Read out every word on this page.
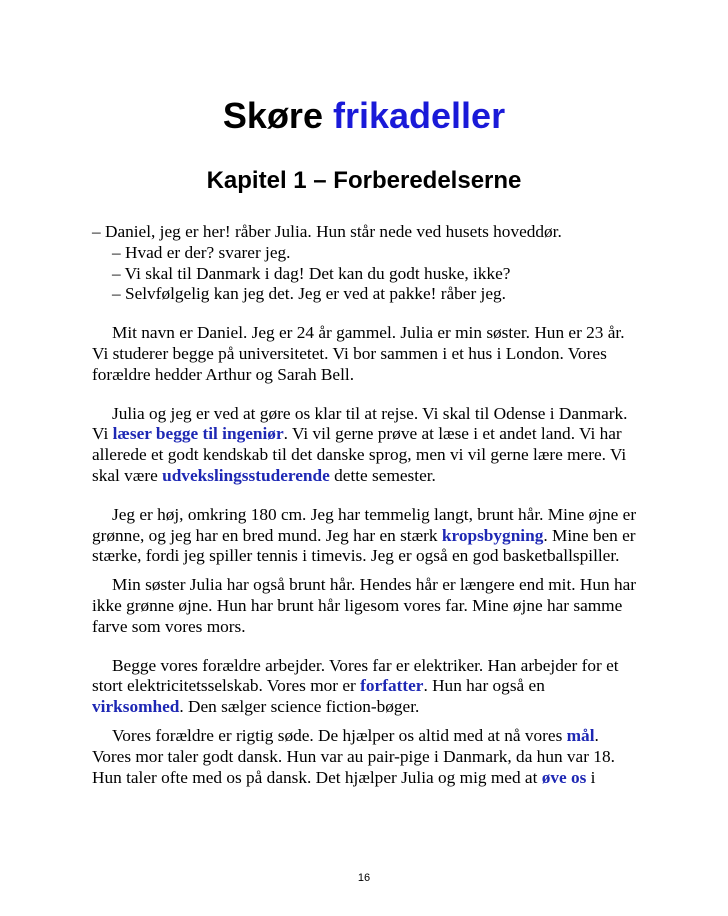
Skøre frikadeller
Kapitel 1 – Forberedelserne

– Daniel, jeg er her! råber Julia. Hun står nede ved husets hoveddør.

– Hvad er der? svarer jeg.

– Vi skal til Danmark i dag! Det kan du godt huske, ikke?

– Selvfølgelig kan jeg det. Jeg er ved at pakke! råber jeg.

Mit navn er Daniel. Jeg er 24 år gammel. Julia er min søster. Hun er 23 år. Vi studerer begge på universitetet. Vi bor sammen i et hus i London. Vores forældre hedder Arthur og Sarah Bell.

Julia og jeg er ved at gøre os klar til at rejse. Vi skal til Odense i Danmark. Vi læser begge til ingeniør. Vi vil gerne prøve at læse i et andet land. Vi har allerede et godt kendskab til det danske sprog, men vi vil gerne lære mere. Vi skal være udvekslingsstuderende dette semester.

Jeg er høj, omkring 180 cm. Jeg har temmelig langt, brunt hår. Mine øjne er grønne, og jeg har en bred mund. Jeg har en stærk kropsbygning. Mine ben er stærke, fordi jeg spiller tennis i timevis. Jeg er også en god basketballspiller.

Min søster Julia har også brunt hår. Hendes hår er længere end mit. Hun har ikke grønne øjne. Hun har brunt hår ligesom vores far. Mine øjne har samme farve som vores mors.

Begge vores forældre arbejder. Vores far er elektriker. Han arbejder for et stort elektricitetsselskab. Vores mor er forfatter. Hun har også en virksomhed. Den sælger science fiction-bøger.

Vores forældre er rigtig søde. De hjælper os altid med at nå vores mål. Vores mor taler godt dansk. Hun var au pair-pige i Danmark, da hun var 18. Hun taler ofte med os på dansk. Det hjælper Julia og mig med at øve os i

16
